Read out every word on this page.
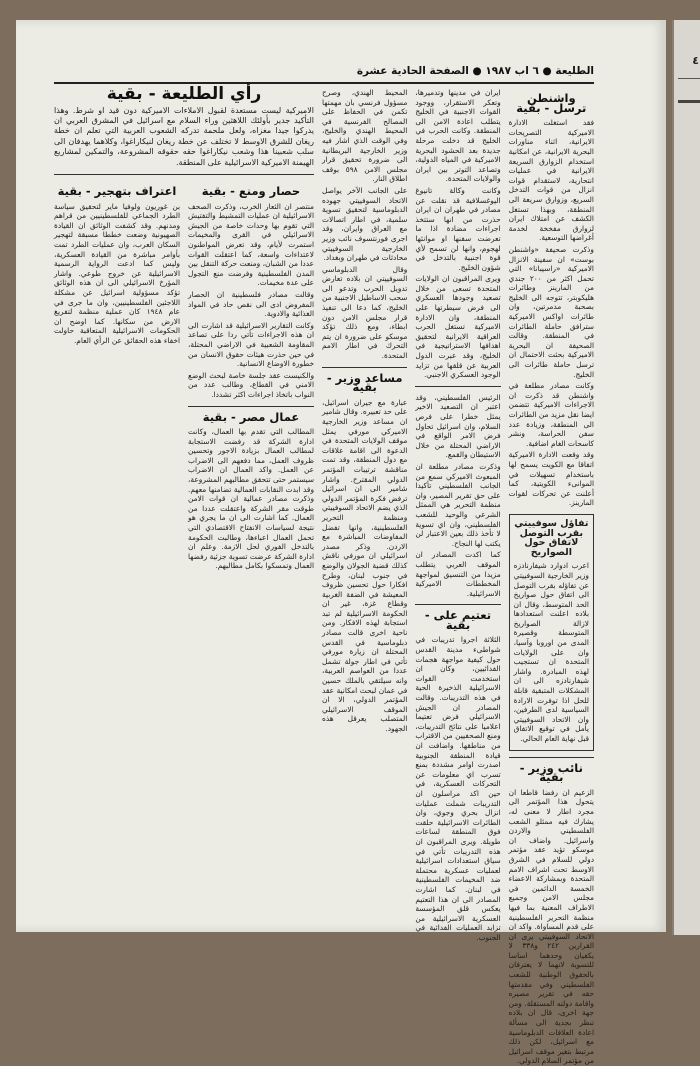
الطليعة ● ٦ اب ١٩٨٧ ● الصفحة الحادية عشرة
واشنطن ترسل - بقية

فقد استغلت الادارة الاميركية التصريحات الايرانية، اثناء مناورات البحرية الايرانية، عن امكانية استخدام الزوارق السريعة الايرانية في عمليات انتحارية، لاستقدام قوات انزال من قوات التدخل السريع، وزوارق سريعة الى المنطقة، وبهذا تستغل الكشف عن امتلاك ايران لزوارق مفخخة لخدمة أغراضها التوسعية.

وذكرت صحيفة «واشنطن بوست» ان سفينة الانزال الاميركية «راسيبانا» التي تحمل اكثر من ٢٠٠ جندي من المارينز وطائرات هليكوبتر، تتوجه الى الخليج بصحبة مدمرتين، وان طائرات اواكس الاميركية سترافق حاملة الطائرات في المنطقة. وقالت الصحيفة ان البحرية الاميركية بحثت الاحتمال ان ترسل حاملة طائرات الى الخليج.

وكانت مصادر مطلعة في واشنطن قد ذكرت ان الاجراءات الاميركية تتضمن ايضا نقل مزيد من الطائرات الى المنطقة، وزيادة عدد سفن الحراسة، ونشر كاسحات الغام اضافية.

وقد وقعت الادارة الاميركية اتفاقا مع الكويت يسمح لها باستخدام تسهيلات في الموانىء الكويتية، كما أعلنت عن تحركات لقوات المارينز.

تفاؤل سوفييتي بقرب التوصل لاتفاق حول الصواريخ

اعرب ادوارد شيفارنادزه وزير الخارجية السوفييتي عن تفاؤله بقرب التوصل الى اتفاق حول صواريخ الحد المتوسط، وقال ان بلاده اعلنت استعدادها لازالة الصواريخ المتوسطة وقصيرة المدى من اوروبا وآسيا، وان على الولايات المتحدة ان تستجيب لهذه المبادرة. واشار شيفارنادزه الى ان المشكلات المتبقية قابلة للحل اذا توفرت الارادة السياسية لدى الطرفين، وان الاتحاد السوفييتي يأمل في توقيع الاتفاق قبل نهاية العام الحالي.

نائب وزير - بقية

الزعيم ان رفضا قاطعا ان يتحول هذا المؤتمر الى مجرد اطار لا معنى له، يشارك فيه ممثلو الشعب الفلسطيني والاردن واسرائيل. واضاف ان موسكو تؤيد عقد مؤتمر دولي للسلام في الشرق الاوسط تحت اشراف الامم المتحدة وبمشاركة الاعضاء الخمسة الدائمين في مجلس الامن وجميع الاطراف المعنية بما فيها منظمة التحرير الفلسطينية على قدم المساواة. واكد ان الاتحاد السوفييتي يرى ان القرارين ٢٤٢ و٣٣٨ لا يكفيان وحدهما اساسا للتسوية لانهما لا يعترفان بالحقوق الوطنية للشعب الفلسطيني وفي مقدمتها حقه في تقرير مصيره واقامة دولته المستقلة. ومن جهة اخرى، قال ان بلاده تنظر بجدية الى مسألة اعادة العلاقات الدبلوماسية مع اسرائيل، لكن ذلك مرتبط بتغير موقف اسرائيل من مؤتمر السلام الدولي.

ايران في مدينها وتدميرها، وتعكر الاستقرار، ووجود القوات الاجنبية في الخليج يتطلب اعادة الامن الى المنطقة. وكانت الحرب في الخليج قد دخلت مرحلة جديدة بعد الحشود البحرية الاميركية في المياه الدولية، وتصاعد التوتر بين ايران والولايات المتحدة.

وكانت وكالة تانيوغ اليوغسلافية قد نقلت عن مصادر في طهران ان ايران حذرت من انها ستتخذ اجراءات مضادة اذا ما تعرضت سفنها او موانئها لهجوم، وانها لن تسمح لأي قوة اجنبية بالتدخل في شؤون الخليج.

ويرى المراقبون ان الولايات المتحدة تسعى من خلال تصعيد وجودها العسكري الى فرض سيطرتها على المنطقة، وان الادارة الاميركية تستغل الحرب العراقية الايرانية لتحقيق اهدافها الاستراتيجية في الخليج، وقد عبرت الدول العربية عن قلقها من تزايد الوجود العسكري الاجنبي.

الرئيس الفلسطيني، وقد اعتبر ان التصعيد الاخير يمثل خطرا على فرص السلام، وان اسرائيل تحاول فرض الامر الواقع في الاراضي المحتلة من خلال الاستيطان والقمع.

وذكرت مصادر مطلعة ان المبعوث الاميركي سمع من الجانب الفلسطيني تأكيدا على حق تقرير المصير، وان منظمة التحرير هي الممثل الشرعي والوحيد للشعب الفلسطيني، وان اي تسوية لا تأخذ ذلك بعين الاعتبار لن يكتب لها النجاح.

كما اكدت المصادر ان الموقف العربي يتطلب مزيدا من التنسيق لمواجهة المخططات الاميركية الاسرائيلية.

تعتيم على - بقية

الثلاثة اجروا تدريبات في شواطىء مدينة القدس حول كيفية مواجهة هجمات الفدائيين، وكان ان استخدمت القوات الاسرائيلية الذخيرة الحية في هذه التدريبات. وقالت المصادر ان الجيش الاسرائيلي فرض تعتيما اعلاميا على نتائج التدريبات، ومنع الصحفيين من الاقتراب من مناطقها. واضافت ان قيادة المنطقة الجنوبية اصدرت اوامر مشددة بمنع تسرب اي معلومات عن التحركات العسكرية، في حين اكد مراسلون ان التدريبات شملت عمليات انزال بحري وجوي، وان الطائرات الاسرائيلية حلقت فوق المنطقة لساعات طويلة. ويرى المراقبون ان هذه التدريبات تأتي في سياق استعدادات اسرائيلية لعمليات عسكرية محتملة ضد المخيمات الفلسطينية في لبنان. كما اشارت المصادر الى ان هذا التعتيم يعكس قلق المؤسسة العسكرية الاسرائيلية من تزايد العمليات الفدائية في الجنوب.

المحيط الهندي، وصرح مسؤول فرنسي بان مهمتها تكمن في الحفاظ على المصالح الفرنسية في المحيط الهندي والخليج، وفي الوقت الذي اشار فيه وزير الخارجية البريطانية الى ضرورة تحقيق قرار مجلس الامن ٥٩٨ بوقف اطلاق النار.

على الجانب الآخر يواصل الاتحاد السوفييتي جهوده الدبلوماسية لتحقيق تسوية سلمية، في اطار اتصالات مع العراق وايران، وقد اجرى فورنتسوف نائب وزير الخارجية السوفييتي محادثات في طهران وبغداد.

وقال الدبلوماسي السوفييتي ان بلاده تعارض تدويل الحرب وتدعو الى سحب الاساطيل الاجنبية من الخليج، كما دعا الى تنفيذ قرار مجلس الامن دون ابطاء، ومع ذلك تؤكد موسكو على ضرورة ان يتم التحرك في اطار الامم المتحدة.

مساعد وزير - بقية

عبارة مع جيران اسرائيل، على حد تعبيره. وقال شامير ان مساعد وزير الخارجية الاميركي مورفي يمثل موقف الولايات المتحدة في الدعوة الى اقامة علاقات مع دول المنطقة، وقد تمت مناقشة ترتيبات المؤتمر الدولي المقترح. واشار شامير الى ان اسرائيل ترفض فكرة المؤتمر الدولي الذي يضم الاتحاد السوفييتي ومنظمة التحرير الفلسطينية، وانها تفضل المفاوضات المباشرة مع الاردن. وذكر مصدر اسرائيلي ان مورفي ناقش كذلك قضية الجولان والوضع في جنوب لبنان، وطرح افكارا حول تحسين ظروف المعيشة في الضفة الغربية وقطاع غزة، غير ان الحكومة الاسرائيلية لم تبد استجابة لهذه الافكار. ومن ناحية اخرى قالت مصادر دبلوماسية في القدس المحتلة ان زيارة مورفي تأتي في اطار جولة تشمل عددا من العواصم العربية، وانه سيلتقي بالملك حسين في عمان لبحث امكانية عقد المؤتمر الدولي، الا ان الموقف الاسرائيلي المتصلب يعرقل هذه الجهود.

رأي الطليعة - بقية

الاميركية ليست مستعدة لقبول الاملاءات الاميركية دون قيد او شرط. وهذا التأكيد جدير بأولئك اللاهثين وراء السلام مع اسرائيل في المشرق العربي ان يدركوا جيدا مغزاه، ولعل ملحمة تدركه الشعوب العربية التي تعلم ان خطة ريغان للشرق الاوسط لا تختلف عن خطة ريغان لنيكاراغوا، وكلاهما يهدفان الى سلب شعبينا هذا وشعب نيكاراغوا حقه حقوقه المشروعة، والتمكين لمشاريع الهيمنة الاميركية الاسرائيلية على المنطقة.

حصار ومنع - بقية

منتصر ان الثعار الخرب، وذكرت الصحف الاسرائيلية ان عمليات التمشيط والتفتيش التي تقوم بها وحدات خاصة من الجيش الاسرائيلي في القرى والمخيمات استمرت لأيام، وقد تعرض المواطنون لاعتداءات واسعة، كما اعتقلت القوات عددا من الشبان، ومنعت حركة التنقل بين المدن الفلسطينية وفرضت منع التجول على عدة مخيمات.

وقالت مصادر فلسطينية ان الحصار المفروض ادى الى نقص حاد في المواد الغذائية والادوية.

وكانت التقارير الاسرائيلية قد اشارت الى ان هذه الاجراءات تأتي ردا على تصاعد المقاومة الشعبية في الاراضي المحتلة، في حين حذرت هيئات حقوق الانسان من خطورة الاوضاع الانسانية.

والكنيست عقد جلسة خاصة لبحث الوضع الامني في القطاع، وطالب عدد من النواب باتخاذ اجراءات اكثر تشددا.

عمال مصر - بقية

المطالب التي تقدم بها العمال، وكانت ادارة الشركة قد رفضت الاستجابة لمطالب العمال بزيادة الاجور وتحسين ظروف العمل، مما دفعهم الى الاضراب عن العمل. واكد العمال ان الاضراب سيستمر حتى تتحقق مطالبهم المشروعة، وقد ابدت النقابات العمالية تضامنها معهم. وذكرت مصادر عمالية ان قوات الامن طوقت مقر الشركة واعتقلت عددا من العمال. كما اشارت الى ان ما يجري هو نتيجة لسياسات الانفتاح الاقتصادي التي تحمل العمال اعباءها، وطالبت الحكومة بالتدخل الفوري لحل الازمة. وعلم ان ادارة الشركة عرضت تسوية جزئية رفضها العمال وتمسكوا بكامل مطالبهم.

اعتراف بتهجير - بقية

بن غوريون ولوفيا ماير لتحقيق سياسة الطرد الجماعي للفلسطينيين من قراهم ومدنهم. وقد كشفت الوثائق ان القيادة الصهيونية وضعت خططا مسبقة لتهجير السكان العرب، وان عمليات الطرد تمت بأوامر مباشرة من القيادة العسكرية، وليس كما ادعت الرواية الرسمية الاسرائيلية عن خروج طوعي. واشار المؤرخ الاسرائيلي الى ان هذه الوثائق تؤكد مسؤولية اسرائيل عن مشكلة اللاجئين الفلسطينيين، وان ما جرى في عام ١٩٤٨ كان عملية منظمة لتفريغ الارض من سكانها. كما اوضح ان الحكومات الاسرائيلية المتعاقبة حاولت اخفاء هذه الحقائق عن الرأي العام.

٤
